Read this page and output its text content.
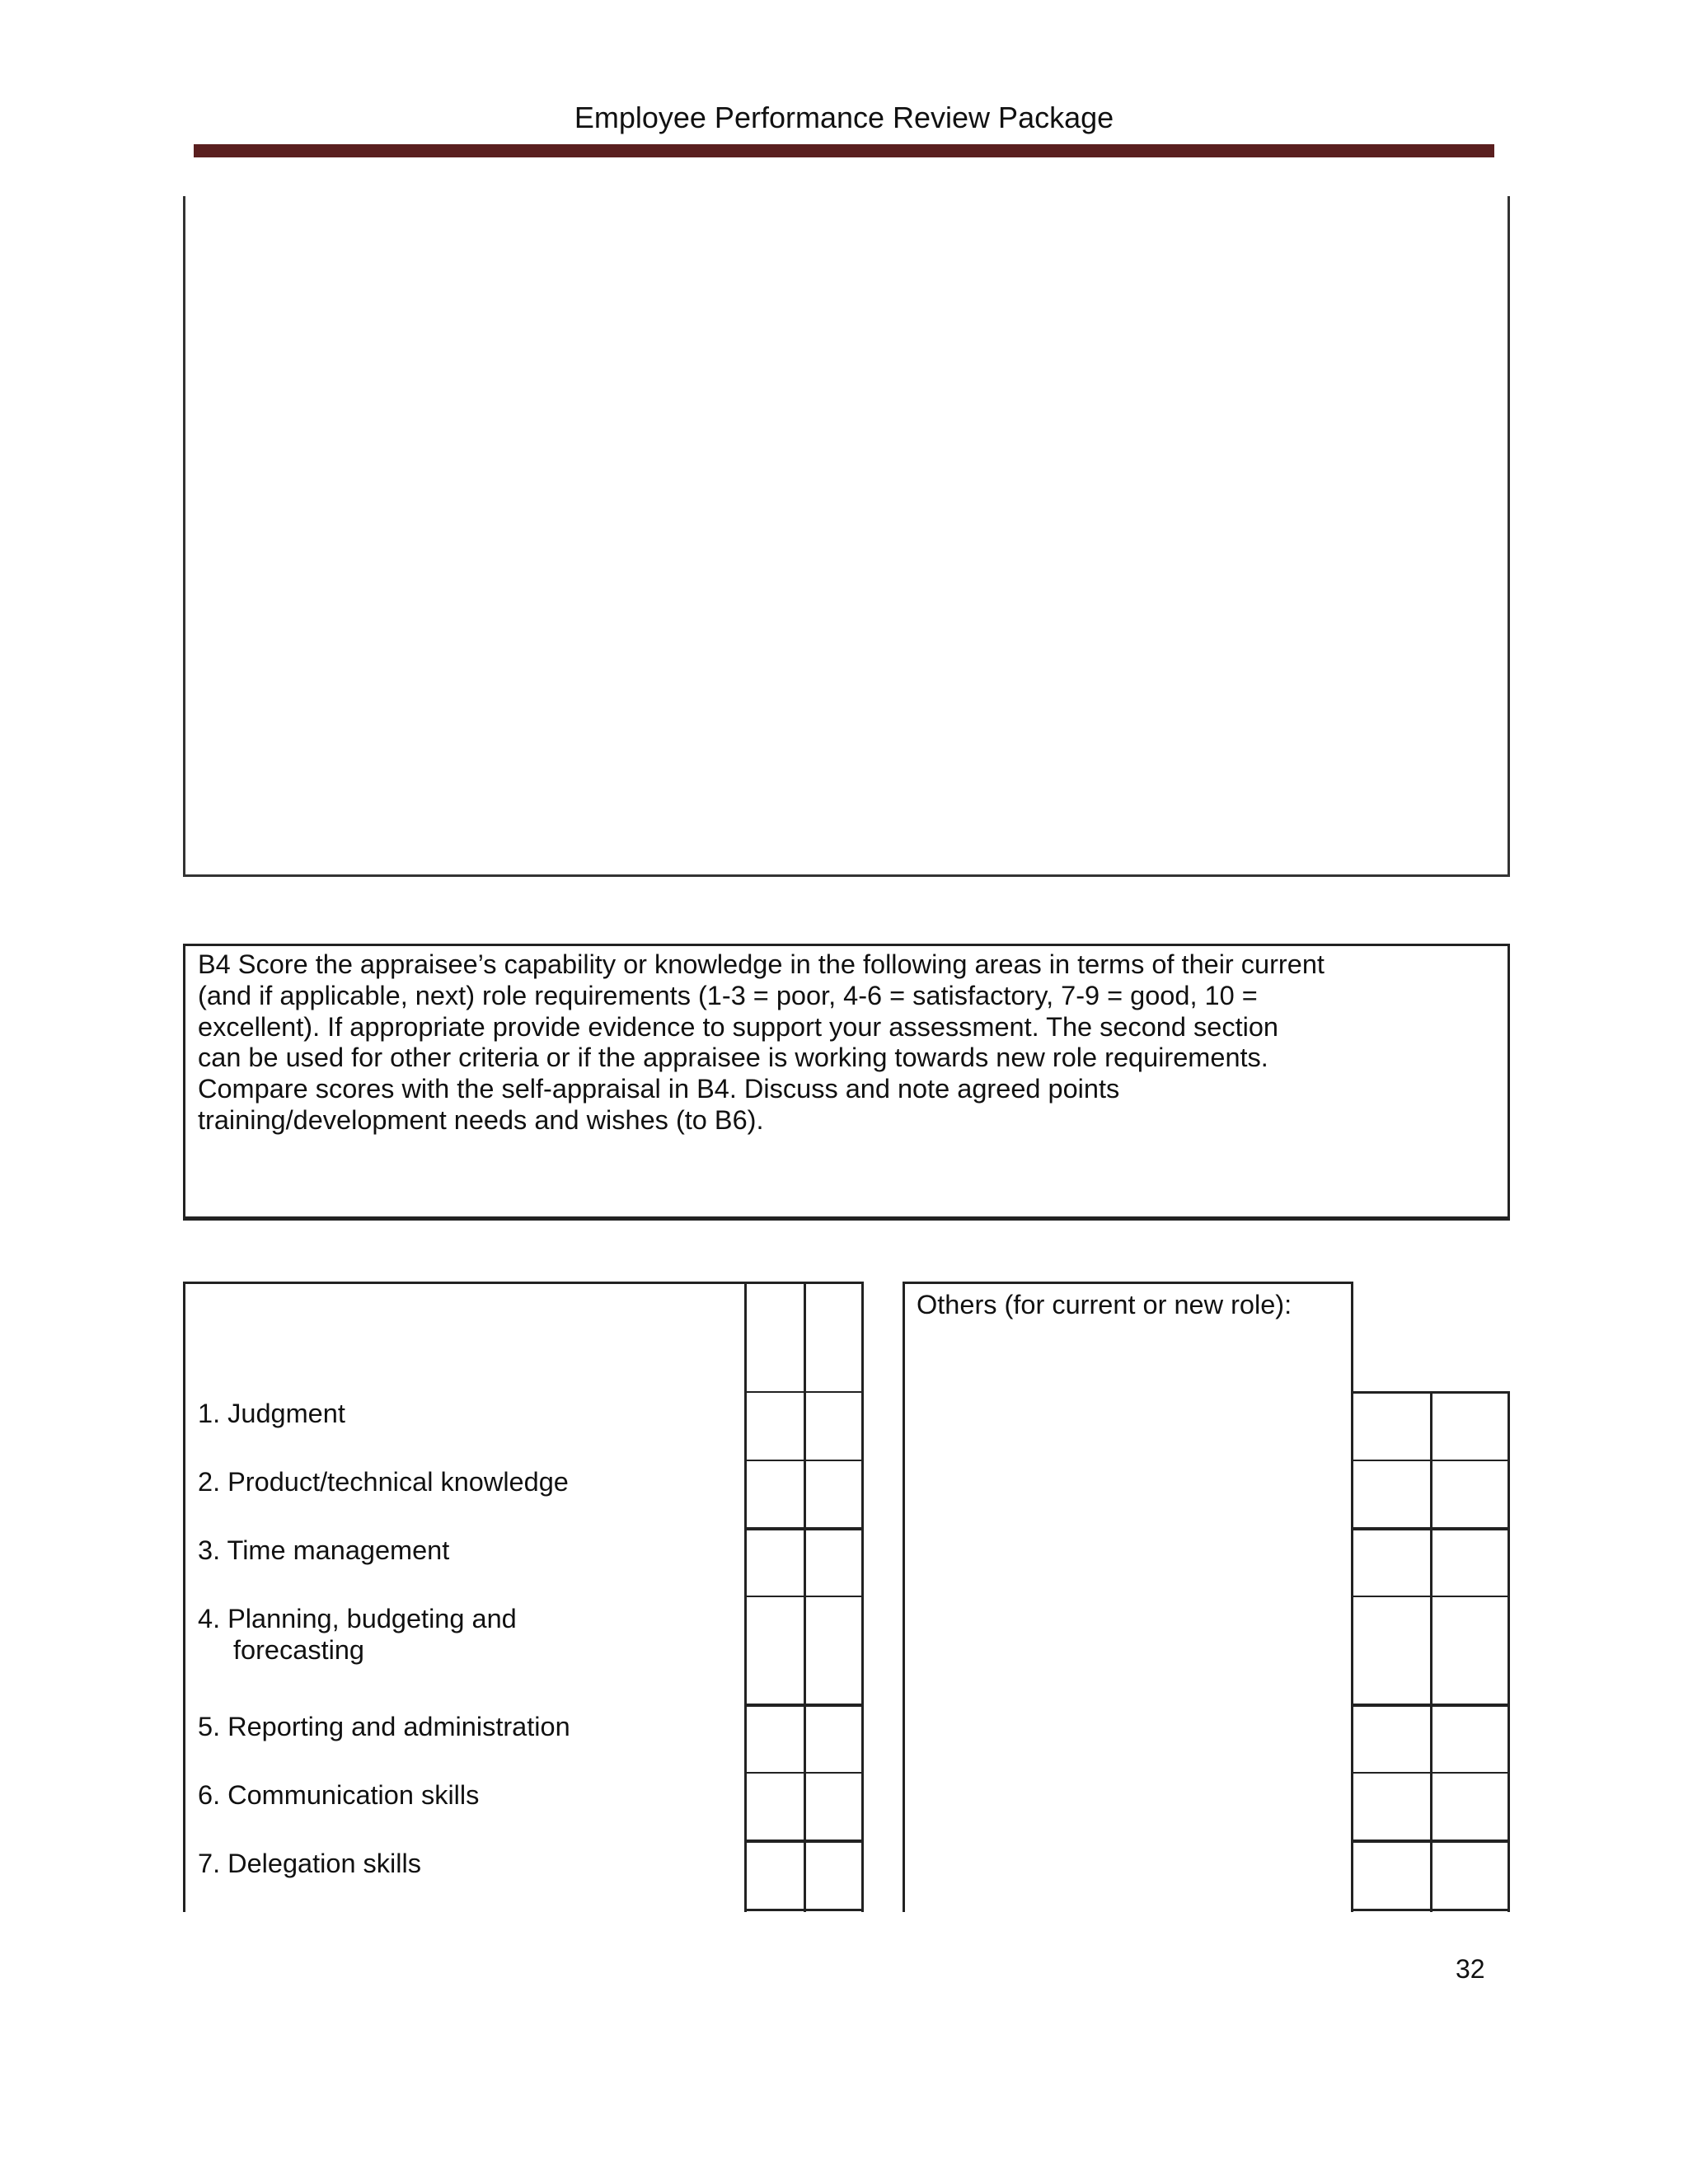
Employee Performance Review Package
B4 Score the appraisee’s capability or knowledge in the following areas in terms of their current
(and if applicable, next) role requirements (1-3 = poor, 4-6 = satisfactory, 7-9 = good, 10 =
excellent). If appropriate provide evidence to support your assessment. The second section
can be used for other criteria or if the appraisee is working towards new role requirements.
Compare scores with the self-appraisal in B4. Discuss and note agreed points
training/development needs and wishes (to B6).
1. Judgment
2. Product/technical knowledge
3. Time management
4. Planning, budgeting and
forecasting
5. Reporting and administration
6. Communication skills
7. Delegation skills
Others (for current or new role):
32
